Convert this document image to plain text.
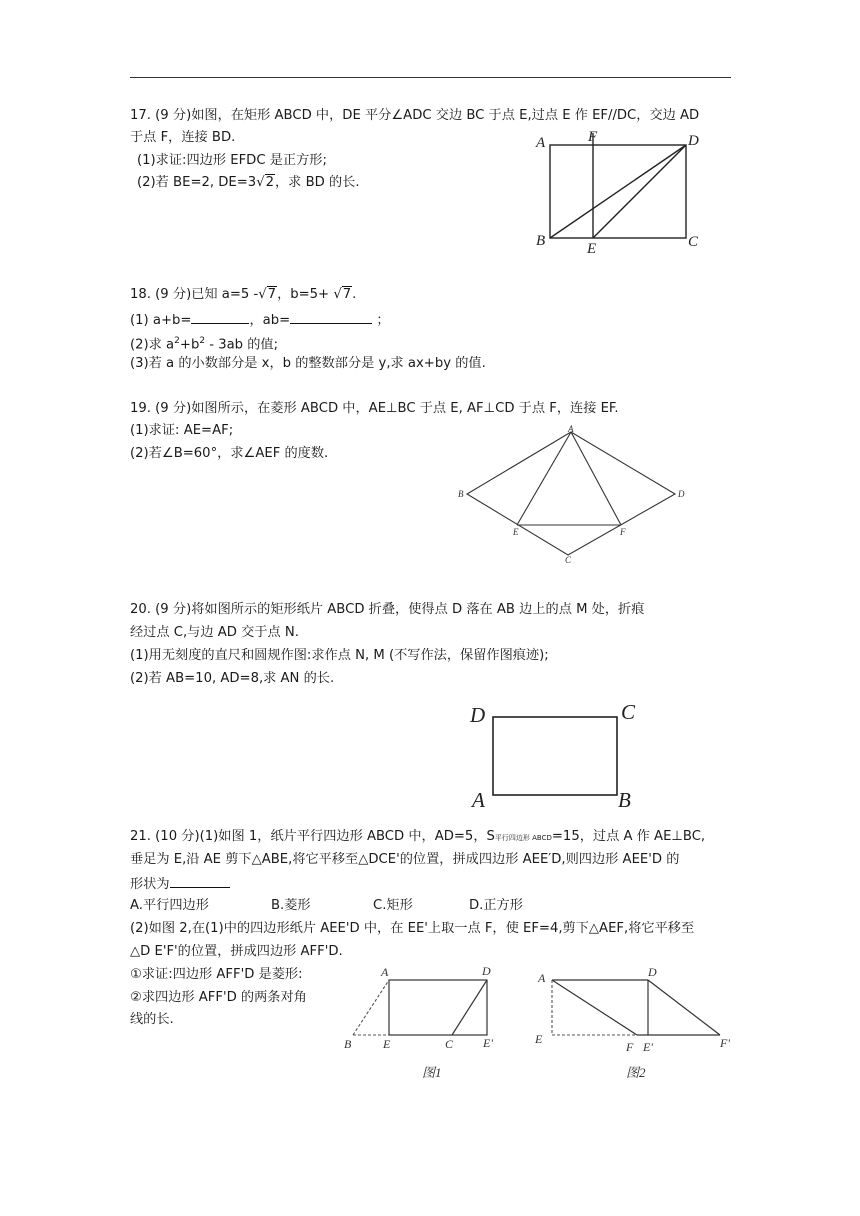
17. (9 分)如图，在矩形 ABCD 中，DE 平分∠ADC 交边 BC 于点 E,过点 E 作 EF//DC，交边 AD
于点 F，连接 BD.
(1)求证:四边形 EFDC 是正方形;
(2)若 BE=2, DE=3√2，求 BD 的长.
A	F	D
B	E	C
18. (9 分)已知 a=5 -√7，b=5+ √7.
(1) a+b=	，ab=	；
(2)求 $a^2+b^2 - 3ab$ 的值;
(3)若 a 的小数部分是 x，b 的整数部分是 y,求 ax+by 的值.
19. (9 分)如图所示，在菱形 ABCD 中，AE⊥BC 于点 E, AF⊥CD 于点 F，连接 EF.
(1)求证: AE=AF;
(2)若∠B=60°，求∠AEF 的度数.
A
B	D
E	F
C
20. (9 分)将如图所示的矩形纸片 ABCD 折叠，使得点 D 落在 AB 边上的点 M 处，折痕
经过点 C,与边 AD 交于点 N.
(1)用无刻度的直尺和圆规作图:求作点 N, M (不写作法，保留作图痕迹);
(2)若 AB=10, AD=8,求 AN 的长.
D	C
A	B
21. (10 分)(1)如图 1，纸片平行四边形 ABCD 中，AD=5，S平行四边形 ABCD=15，过点 A 作 AE⊥BC,
垂足为 E,沿 AE 剪下△ABE,将它平移至△DCE'的位置，拼成四边形 AEE′D,则四边形 AEE'D 的
形状为
A.平行四边形	B.菱形	C.矩形	D.正方形
(2)如图 2,在(1)中的四边形纸片 AEE'D 中，在 EE'上取一点 F，使 EF=4,剪下△AEF,将它平移至
△D E'F'的位置，拼成四边形 AFF'D.
①求证:四边形 AFF'D 是菱形:
②求四边形 AFF'D 的两条对角
线的长.
A	D
B	E	C E'
图1
A	D
E
F E'	F'
图2
